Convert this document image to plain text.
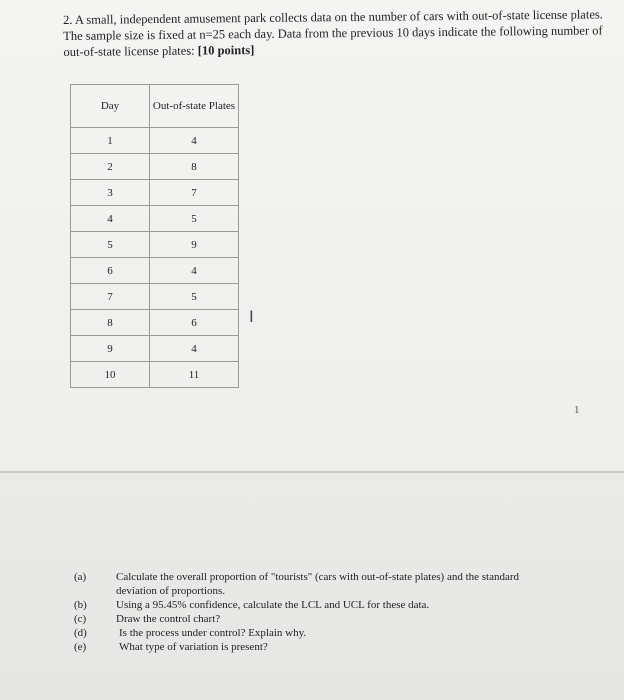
2. A small, independent amusement park collects data on the number of cars with out-of-state license plates. The sample size is fixed at n=25 each day. Data from the previous 10 days indicate the following number of out-of-state license plates: [10 points]
Day	Out-of-state Plates
1	4
2	8
3	7
4	5
5	9
6	4
7	5
8	6
9	4
10	11
I
1
(a)	Calculate the overall proportion of "tourists" (cars with out-of-state plates) and the standard deviation of proportions.
(b)	Using a 95.45% confidence, calculate the LCL and UCL for these data.
(c)	Draw the control chart?
(d)	Is the process under control? Explain why.
(e)	What type of variation is present?
